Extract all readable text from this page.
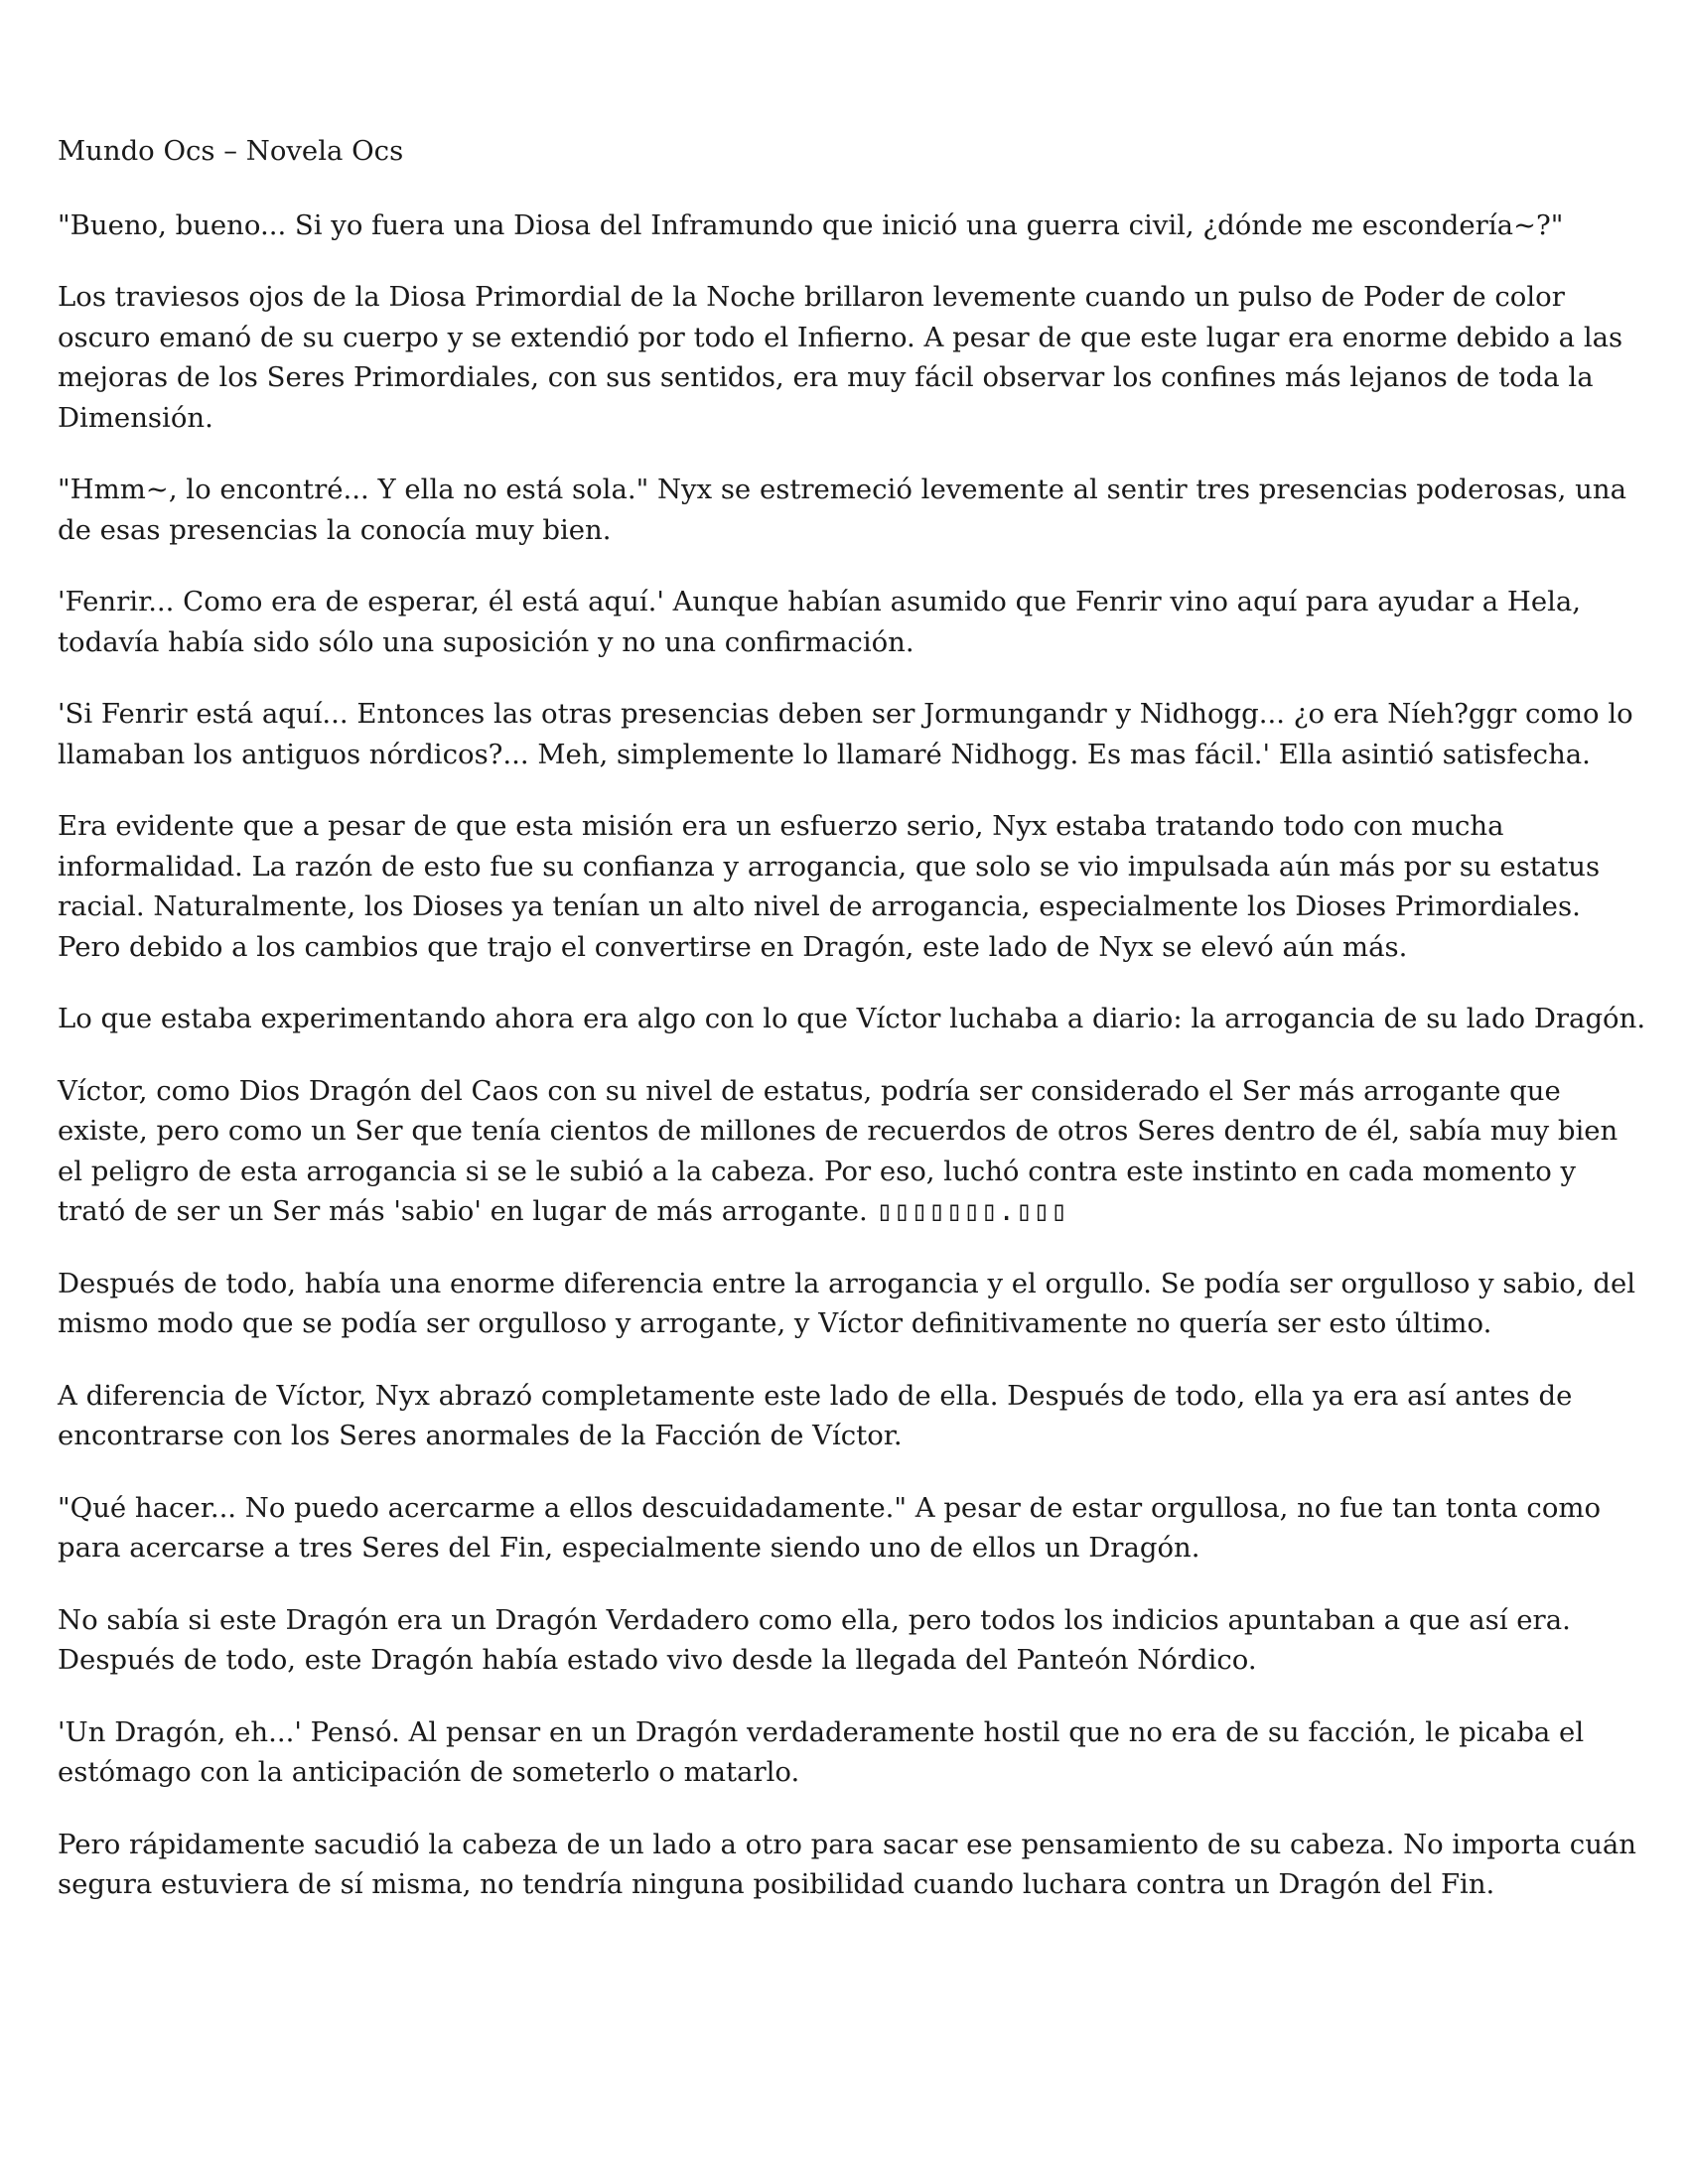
Mundo Ocs – Novela Ocs

"Bueno, bueno... Si yo fuera una Diosa del Inframundo que inició una guerra civil, ¿dónde me escondería~?"

Los traviesos ojos de la Diosa Primordial de la Noche brillaron levemente cuando un pulso de Poder de color oscuro emanó de su cuerpo y se extendió por todo el Infierno. A pesar de que este lugar era enorme debido a las mejoras de los Seres Primordiales, con sus sentidos, era muy fácil observar los confines más lejanos de toda la Dimensión.

"Hmm~, lo encontré... Y ella no está sola." Nyx se estremeció levemente al sentir tres presencias poderosas, una de esas presencias la conocía muy bien.

'Fenrir... Como era de esperar, él está aquí.' Aunque habían asumido que Fenrir vino aquí para ayudar a Hela, todavía había sido sólo una suposición y no una confirmación.

'Si Fenrir está aquí... Entonces las otras presencias deben ser Jormungandr y Nidhogg... ¿o era Níeh?ggr como lo llamaban los antiguos nórdicos?... Meh, simplemente lo llamaré Nidhogg. Es mas fácil.' Ella asintió satisfecha.

Era evidente que a pesar de que esta misión era un esfuerzo serio, Nyx estaba tratando todo con mucha informalidad. La razón de esto fue su confianza y arrogancia, que solo se vio impulsada aún más por su estatus racial. Naturalmente, los Dioses ya tenían un alto nivel de arrogancia, especialmente los Dioses Primordiales. Pero debido a los cambios que trajo el convertirse en Dragón, este lado de Nyx se elevó aún más.

Lo que estaba experimentando ahora era algo con lo que Víctor luchaba a diario: la arrogancia de su lado Dragón.

Víctor, como Dios Dragón del Caos con su nivel de estatus, podría ser considerado el Ser más arrogante que existe, pero como un Ser que tenía cientos de millones de recuerdos de otros Seres dentro de él, sabía muy bien el peligro de esta arrogancia si se le subió a la cabeza. Por eso, luchó contra este instinto en cada momento y trató de ser un Ser más 'sabio' en lugar de más arrogante. ▯▯▯▯▯▯▯.▯▯▯

Después de todo, había una enorme diferencia entre la arrogancia y el orgullo. Se podía ser orgulloso y sabio, del mismo modo que se podía ser orgulloso y arrogante, y Víctor definitivamente no quería ser esto último.

A diferencia de Víctor, Nyx abrazó completamente este lado de ella. Después de todo, ella ya era así antes de encontrarse con los Seres anormales de la Facción de Víctor.

"Qué hacer... No puedo acercarme a ellos descuidadamente." A pesar de estar orgullosa, no fue tan tonta como para acercarse a tres Seres del Fin, especialmente siendo uno de ellos un Dragón.

No sabía si este Dragón era un Dragón Verdadero como ella, pero todos los indicios apuntaban a que así era. Después de todo, este Dragón había estado vivo desde la llegada del Panteón Nórdico.

'Un Dragón, eh...' Pensó. Al pensar en un Dragón verdaderamente hostil que no era de su facción, le picaba el estómago con la anticipación de someterlo o matarlo.

Pero rápidamente sacudió la cabeza de un lado a otro para sacar ese pensamiento de su cabeza. No importa cuán segura estuviera de sí misma, no tendría ninguna posibilidad cuando luchara contra un Dragón del Fin.
